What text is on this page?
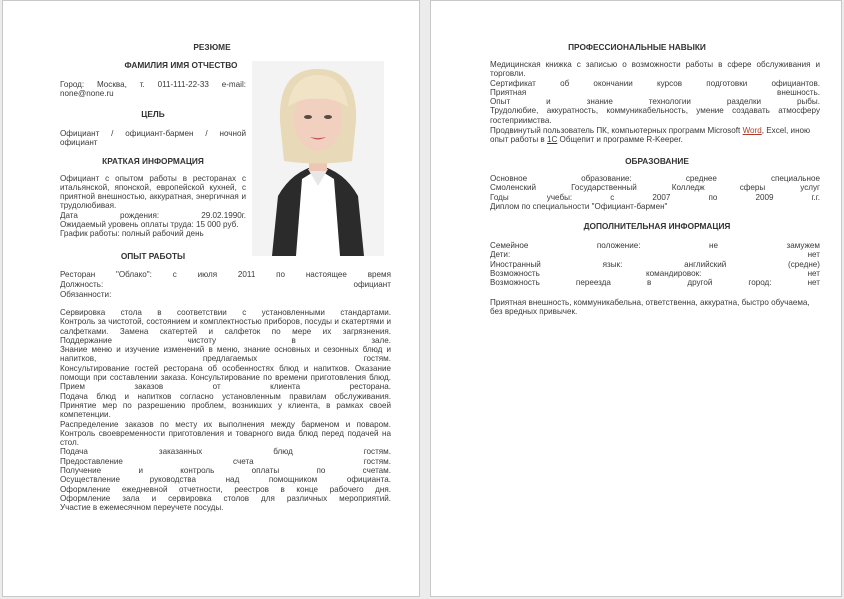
РЕЗЮМЕ
ФАМИЛИЯ ИМЯ ОТЧЕСТВО
Город: Москва, т. 011-111-22-33 e-mail:
none@none.ru
ЦЕЛЬ
Официант / официант-бармен / ночной
официант
КРАТКАЯ ИНФОРМАЦИЯ
Официант с опытом работы в ресторанах с
итальянской, японской, европейской кухней, с
приятной внешностью, аккуратная, энергичная и
трудолюбивая.
Дата	рождения:	29.02.1990г.
Ожидаемый уровень оплаты труда: 15 000 руб.
График работы: полный рабочий день
ОПЫТ РАБОТЫ
Ресторан "Облако": с июля 2011 по настоящее время
Должность:	официант
Обязанности:
Сервировка стола в соответствии с установленными стандартами.
Контроль за чистотой, состоянием и комплектностью приборов, посуды и скатертями и
салфетками. Замена скатертей и салфеток по мере их загрязнения.
Поддержание чистоту в зале.
Знание меню и изучение изменений в меню, знание основных и сезонных блюд и
напитков, предлагаемых гостям.
Консультирование гостей ресторана об особенностях блюд и напитков. Оказание
помощи при составлении заказа. Консультирование по времени приготовления блюд.
Прием заказов от клиента ресторана.
Подача блюд и напитков согласно установленным правилам обслуживания.
Принятие мер по разрешению проблем, возникших у клиента, в рамках своей
компетенции.
Распределение заказов по месту их выполнения между барменом и поваром.
Контроль своевременности приготовления и товарного вида блюд перед подачей на
стол.
Подача заказанных блюд гостям.
Предоставление счета гостям.
Получение и контроль оплаты по счетам.
Осуществление руководства над помощником официанта.
Оформление ежедневной отчетности, реестров в конце рабочего дня.
Оформление зала и сервировка столов для различных мероприятий.
Участие в ежемесячном переучете посуды.
ПРОФЕССИОНАЛЬНЫЕ НАВЫКИ
Медицинская книжка с записью о возможности работы в сфере обслуживания и
торговли.
Сертификат об окончании курсов подготовки официантов.
Приятная внешность.
Опыт и знание технологии разделки рыбы.
Трудолюбие, аккуратность, коммуникабельность, умение создавать атмосферу
гостеприимства.
Продвинутый пользователь ПК, компьютерных программ Microsoft Word, Excel, иною
опыт работы в 1С Общепит и программе R-Keeper.
ОБРАЗОВАНИЕ
Основное образование: среднее специальное
Смоленский Государственный Колледж сферы услуг
Годы учебы: с 2007 по 2009 г.г.
Диплом по специальности "Официант-бармен"
ДОПОЛНИТЕЛЬНАЯ ИНФОРМАЦИЯ
Семейное положение: не замужем
Дети: нет
Иностранный язык: английский (средне)
Возможность командировок: нет
Возможность переезда в другой город: нет
Приятная внешность, коммуникабельна, ответственна, аккуратна, быстро обучаема,
без вредных привычек.
